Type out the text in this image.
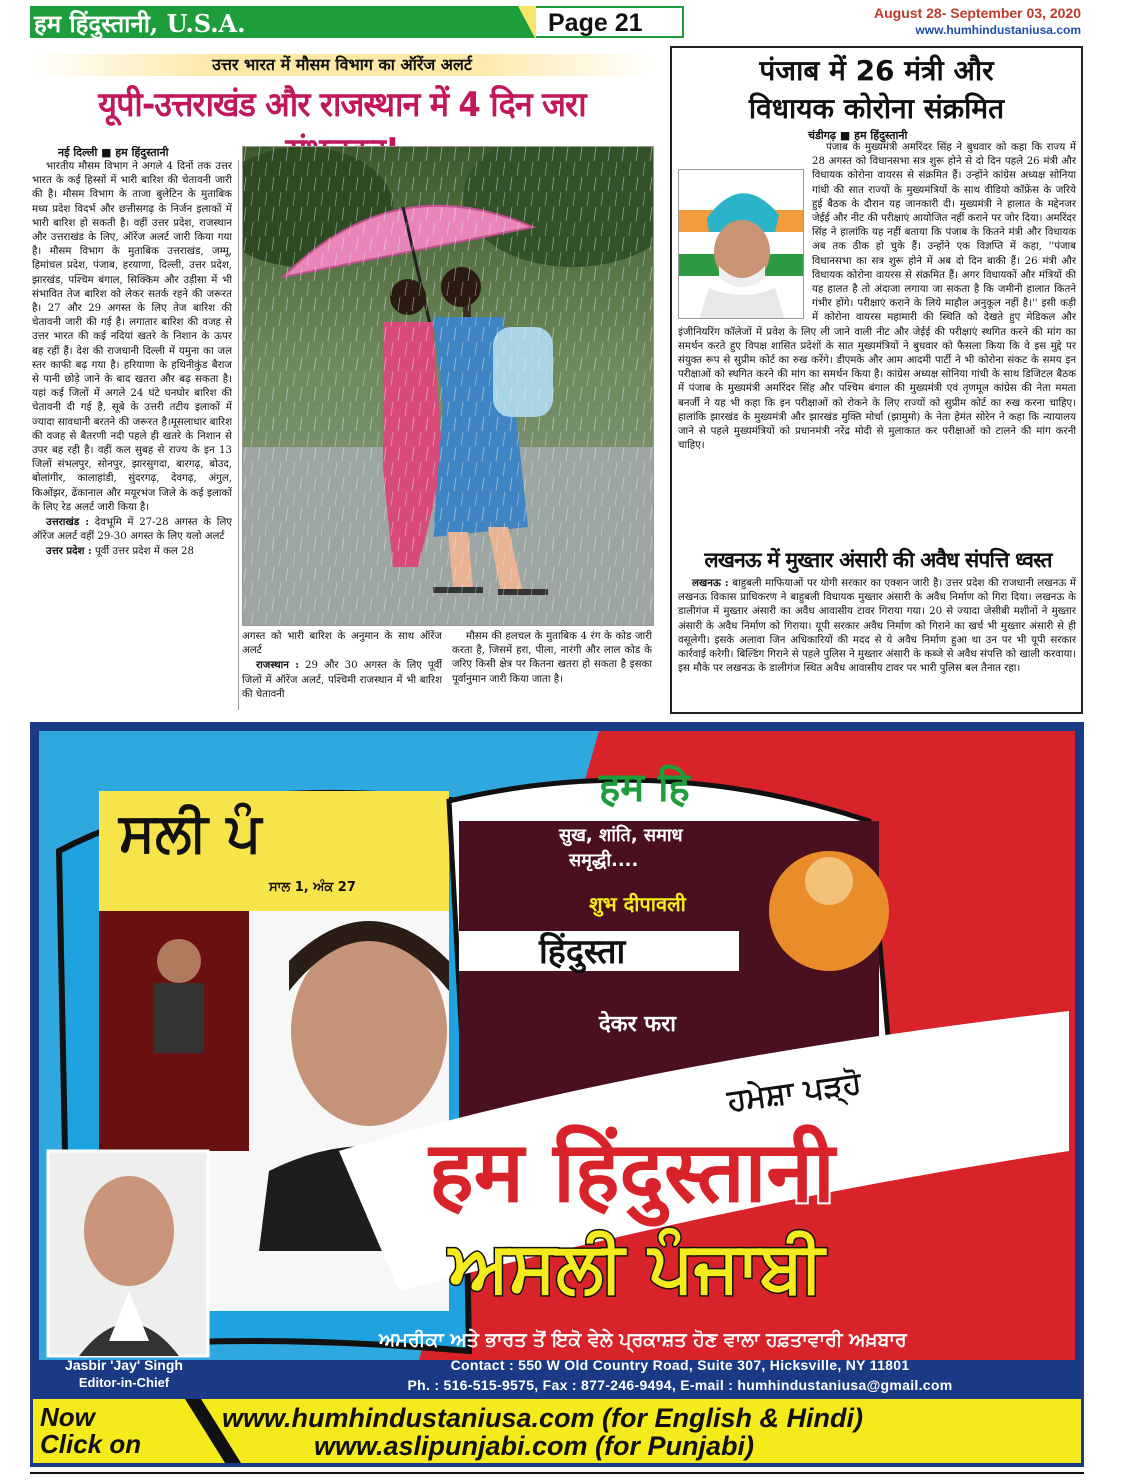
हम हिंदुस्तानी, U.S.A.	Page 21	August 28- September 03, 2020
www.humhindustaniusa.com
उत्तर भारत में मौसम विभाग का ऑरेंज अलर्ट
यूपी-उत्तराखंड और राजस्थान में 4 दिन जरा
नई दिल्ली ■ हम हिंदुस्तानी

भारतीय मौसम विभाग ने अगले 4 दिनों तक उत्तर भारत के कई हिस्सों में भारी बारिश की चेतावनी जारी की है। मौसम विभाग के ताजा बुलेटिन के मुताबिक मध्य प्रदेश विदर्भ और छत्तीसगढ़ के निर्जन इलाकों में भारी बारिश हो सकती है। वहीं उत्तर प्रदेश, राजस्थान और उत्तराखंड के लिए, ऑरेंज अलर्ट जारी किया गया है। मौसम विभाग के मुताबिक उत्तराखंड, जम्मू, हिमांचल प्रदेश, पंजाब, हरयाणा, दिल्ली, उत्तर प्रदेश, झारखंड, पश्चिम बंगाल, सिक्किम और उड़ीसा में भी संभावित तेज बारिश को लेकर सतर्क रहने की जरूरत है। 27 और 29 अगस्त के लिए तेज बारिश की चेतावनी जारी की गई है। लगातार बारिश की वजह से उत्तर भारत की कई नदियां खतरे के निशान के ऊपर बह रहीं हैं। देश की राजधानी दिल्ली में यमुना का जल स्तर काफी बढ़ गया है। हरियाणा के हथिनीकुंड बैराज से पानी छोड़े जाने के बाद खतरा और बढ़ सकता है। यहां कई जिलों में अगले 24 घंटे घनघोर बारिश की चेतावनी दी गई है, सूबे के उत्तरी तटीय इलाकों में ज्यादा सावधानी बरतने की जरूरत है।मूसलाधार बारिश की वजह से बैतरणी नदी पहले ही खतरे के निशान से उपर बह रही है। वहीं कल सुबह से राज्य के इन 13 जिलों संभलपुर, सोनपुर, झारसुगदा, बारगढ़, बोउद, बोलांगीर, कालाहांडी, सुंदरगढ़, देवगढ़, अंगुल, किओंझर, ढेंकानाल और मयूरभंज जिले के कई इलाकों के लिए रेड अलर्ट जारी किया है।

उत्तराखंड : देवभूमि में 27-28 अगस्त के लिए ऑरेंज अलर्ट वहीं 29-30 अगस्त के लिए यलो अलर्ट

उत्तर प्रदेश : पूर्वी उत्तर प्रदेश में कल 28

अगस्त को भारी बारिश के अनुमान के साथ ऑरेंज अलर्ट

राजस्थान : 29 और 30 अगस्त के लिए पूर्वी जिलों में ऑरेंज अलर्ट, पश्चिमी राजस्थान में भी बारिश की चेतावनी

मौसम की हलचल के मुताबिक 4 रंग के कोड जारी करता है, जिसमें हरा, पीला, नारंगी और लाल कोड के जरिए किसी क्षेत्र पर कितना खतरा हो सकता है इसका पूर्वानुमान जारी किया जाता है।

पंजाब में 26 मंत्री और
विधायक कोरोना संक्रमित
चंडीगढ़ ■ हम हिंदुस्तानी

पंजाब के मुख्यमंत्री अमरिंदर सिंह ने बुधवार को कहा कि राज्य में 28 अगस्त को विधानसभा सत्र शुरू होने से दो दिन पहले 26 मंत्री और विधायक कोरोना वायरस से संक्रमित हैं। उन्होंने कांग्रेस अध्यक्ष सोनिया गांधी की सात राज्यों के मुख्यमंत्रियों के साथ वीडियो कॉफ्रेंस के जरिये हुई बैठक के दौरान यह जानकारी दी। मुख्यमंत्री ने हालात के मद्देनजर जेईई और नीट की परीक्षाएं आयोजित नहीं कराने पर जोर दिया। अमरिंदर सिंह ने हालांकि यह नहीं बताया कि पंजाब के कितने मंत्री और विधायक अब तक ठीक हो चुके हैं। उन्होंने एक विज्ञप्ति में कहा, ''पंजाब विधानसभा का सत्र शुरू होने में अब दो दिन बाकी हैं। 26 मंत्री और विधायक कोरोना वायरस से संक्रमित हैं। अगर विधायकों और मंत्रियों की यह हालत है तो अंदाजा लगाया जा सकता है कि जमीनी हालात कितने गंभीर होंगे। परीक्षाएं कराने के लिये माहौल अनुकूल नहीं है।'' इसी कड़ी में कोरोना वायरस महामारी की स्थिति को देखते हुए मेडिकल और इंजीनियरिंग कॉलेजों में प्रवेश के लिए ली जाने वाली नीट और जेईई की परीक्षाएं स्थगित करने की मांग का समर्थन करते हुए विपक्ष शासित प्रदेशों के सात मुख्यमंत्रियों ने बुधवार को फैसला किया कि वे इस मुद्दे पर संयुक्त रूप से सुप्रीम कोर्ट का रुख करेंगे। डीएमके और आम आदमी पार्टी ने भी कोरोना संकट के समय इन परीक्षाओं को स्थगित करने की मांग का समर्थन किया है। कांग्रेस अध्यक्ष सोनिया गांधी के साथ डिजिटल बैठक में पंजाब के मुख्यमंत्री अमरिंदर सिंह और पश्चिम बंगाल की मुख्यमंत्री एवं तृणमूल कांग्रेस की नेता ममता बनर्जी ने यह भी कहा कि इन परीक्षाओं को रोकने के लिए राज्यों को सुप्रीम कोर्ट का रुख करना चाहिए। हालांकि झारखंड के मुख्यमंत्री और झारखंड मुक्ति मोर्चा (झामुमो) के नेता हेमंत सोरेन ने कहा कि न्यायालय जाने से पहले मुख्यमंत्रियों को प्रधानमंत्री नरेंद्र मोदी से मुलाकात कर परीक्षाओं को टालने की मांग करनी चाहिए।

लखनऊ में मुख्तार अंसारी की अवैध संपत्ति ध्वस्त

लखनऊ : बाहुबली माफियाओं पर योगी सरकार का एक्शन जारी है। उत्तर प्रदेश की राजधानी लखनऊ में लखनऊ विकास प्राधिकरण ने बाहुबली विधायक मुख्तार अंसारी के अवैध निर्माण को गिरा दिया। लखनऊ के डालीगंज में मुख्तार अंसारी का अवैध आवासीय टावर गिराया गया। 20 से ज्यादा जेसीबी मशीनों ने मुख्तार अंसारी के अवैध निर्माण को गिराया। यूपी सरकार अवैध निर्माण को गिराने का खर्च भी मुख्तार अंसारी से ही वसूलेगी। इसके अलावा जिन अधिकारियों की मदद से ये अवैध निर्माण हुआ था उन पर भी यूपी सरकार कार्रवाई करेगी। बिल्डिंग गिराने से पहले पुलिस ने मुख्तार अंसारी के कब्जे से अवैध संपत्ति को खाली करवाया। इस मौके पर लखनऊ के डालीगंज स्थित अवैध आवासीय टावर पर भारी पुलिस बल तैनात रहा।

ਸਲੀ ਪੰ
ਸਾਲ 1, ਅੰਕ 27
हम हि
सुख, शांति, समाध
समृद्धी....
शुभ दीपावली
हिंदुस्ता
देकर फरा
ਹਮੇਸ਼ਾ ਪੜ੍ਹੋ
हम हिंदुस्तानी
ਅਸਲੀ ਪੰਜਾਬੀ
ਅਮਰੀਕਾ ਅਤੇ ਭਾਰਤ ਤੋਂ ਇਕੋ ਵੇਲੇ ਪ੍ਰਕਾਸ਼ਤ ਹੋਣ ਵਾਲਾ ਹਫ਼ਤਾਵਾਰੀ ਅਖ਼ਬਾਰ
Jasbir 'Jay' Singh
Editor-in-Chief
Contact : 550 W Old Country Road, Suite 307, Hicksville, NY 11801
Ph. : 516-515-9575, Fax : 877-246-9494, E-mail : humhindustaniusa@gmail.com
Now
Click on
www.humhindustaniusa.com (for English & Hindi)
www.aslipunjabi.com (for Punjabi)
